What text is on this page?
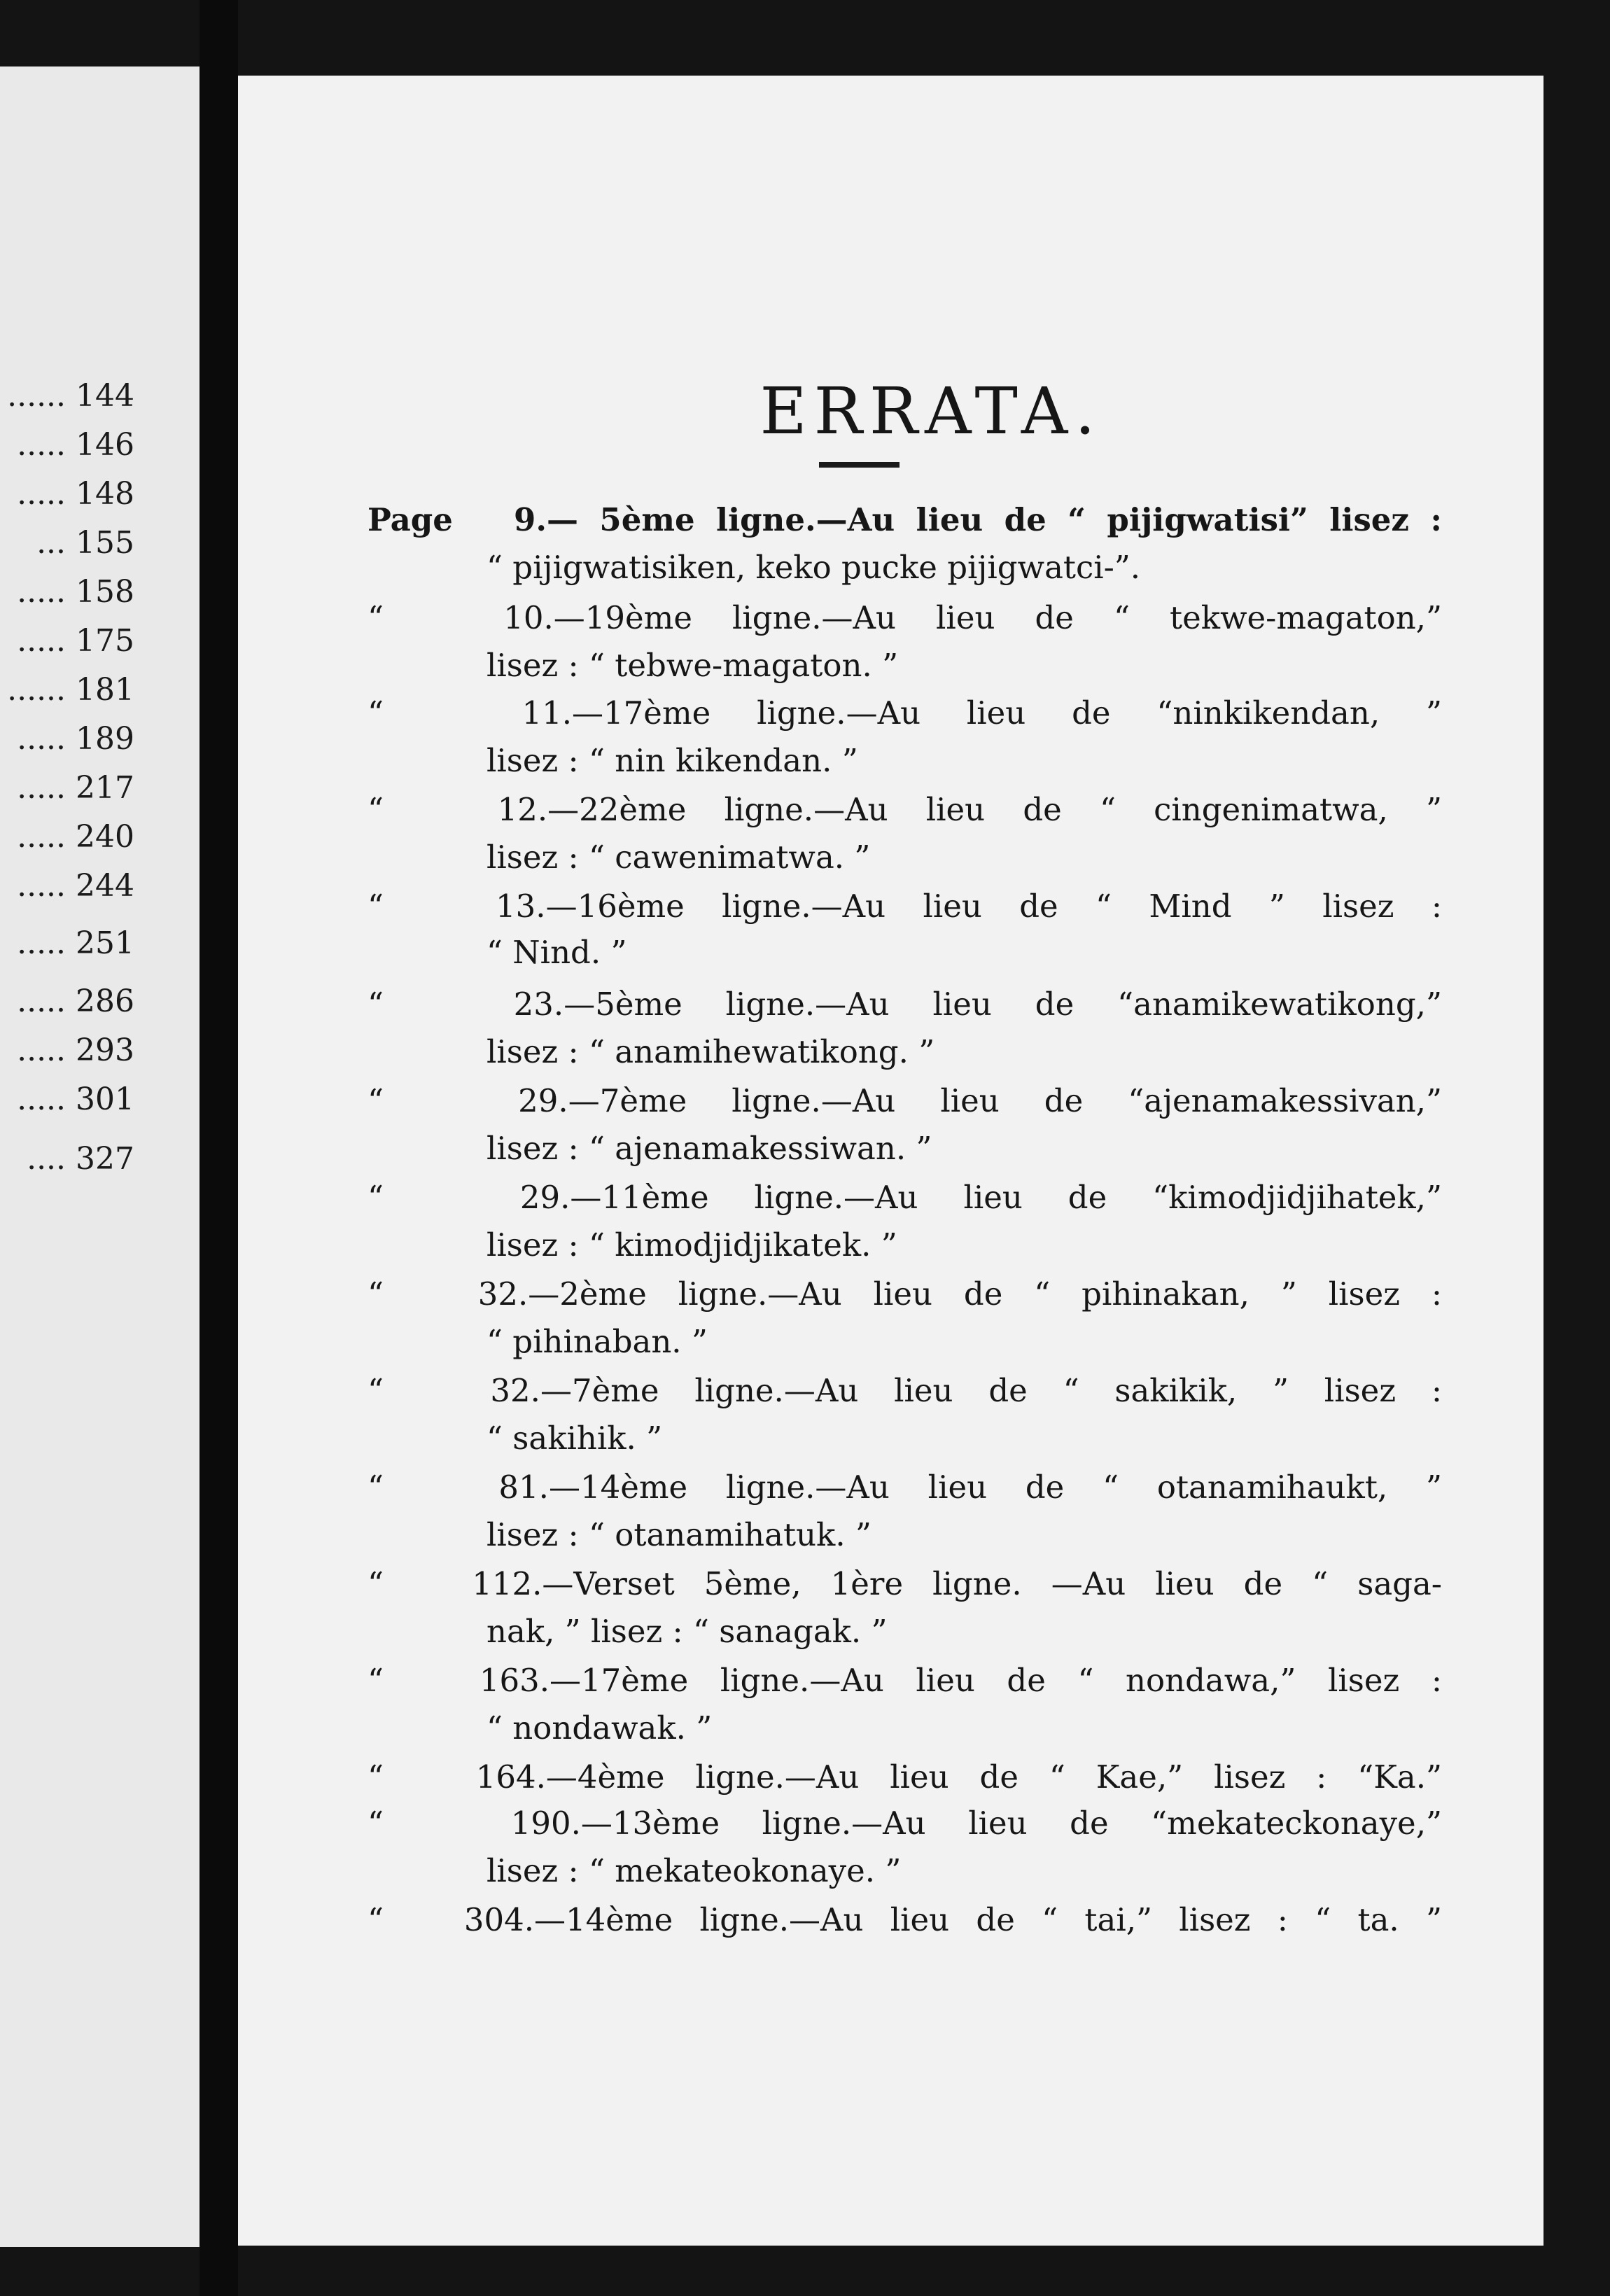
...... 144
..... 146
..... 148
... 155
..... 158
..... 175
...... 181
..... 189
..... 217
..... 240
..... 244
..... 251
..... 286
..... 293
..... 301
.... 327
ERRATA.
Page 9.— 5ème ligne.—Au lieu de “ pijigwatisi” lisez :
“ pijigwatisiken, keko pucke pijigwatci-”.
“	10.—19ème ligne.—Au lieu de “ tekwe-magaton,”
lisez : “ tebwe-magaton. ”
“	11.—17ème ligne.—Au lieu de “ninkikendan, ”
lisez : “ nin kikendan. ”
“	12.—22ème ligne.—Au lieu de “ cingenimatwa, ”
lisez : “ cawenimatwa. ”
“	13.—16ème ligne.—Au lieu de “ Mind ” lisez :
“ Nind. ”
“	23.—5ème ligne.—Au lieu de “anamikewatikong,”
lisez : “ anamihewatikong. ”
“	29.—7ème ligne.—Au lieu de “ajenamakessivan,”
lisez : “ ajenamakessiwan. ”
“	29.—11ème ligne.—Au lieu de “kimodjidjihatek,”
lisez : “ kimodjidjikatek. ”
“	32.—2ème ligne.—Au lieu de “ pihinakan, ” lisez :
“ pihinaban. ”
“	32.—7ème ligne.—Au lieu de “ sakikik, ” lisez :
“ sakihik. ”
“	81.—14ème ligne.—Au lieu de “ otanamihaukt, ”
lisez : “ otanamihatuk. ”
“	112.—Verset 5ème, 1ère ligne. —Au lieu de “ saga-
nak, ” lisez : “ sanagak. ”
“	163.—17ème ligne.—Au lieu de “ nondawa,” lisez :
“ nondawak. ”
“	164.—4ème ligne.—Au lieu de “ Kae,” lisez : “Ka.”
“	190.—13ème ligne.—Au lieu de “mekateckonaye,”
lisez : “ mekateokonaye. ”
“	304.—14ème ligne.—Au lieu de “ tai,” lisez : “ ta. ”
